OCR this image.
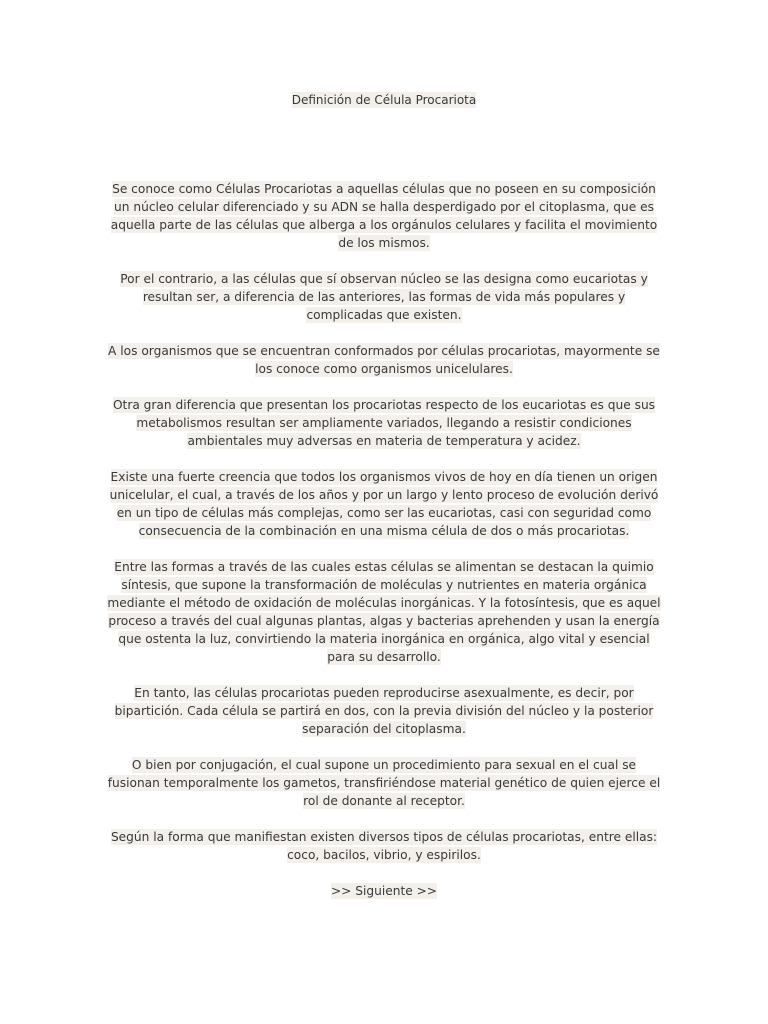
Definición de Célula Procariota

Se conoce como Células Procariotas a aquellas células que no poseen en su composición un núcleo celular diferenciado y su ADN se halla desperdigado por el citoplasma, que es aquella parte de las células que alberga a los orgánulos celulares y facilita el movimiento de los mismos.

Por el contrario, a las células que sí observan núcleo se las designa como eucariotas y resultan ser, a diferencia de las anteriores, las formas de vida más populares y complicadas que existen.

A los organismos que se encuentran conformados por células procariotas, mayormente se los conoce como organismos unicelulares.

Otra gran diferencia que presentan los procariotas respecto de los eucariotas es que sus metabolismos resultan ser ampliamente variados, llegando a resistir condiciones ambientales muy adversas en materia de temperatura y acidez.

Existe una fuerte creencia que todos los organismos vivos de hoy en día tienen un origen unicelular, el cual, a través de los años y por un largo y lento proceso de evolución derivó en un tipo de células más complejas, como ser las eucariotas, casi con seguridad como consecuencia de la combinación en una misma célula de dos o más procariotas.

Entre las formas a través de las cuales estas células se alimentan se destacan la quimio síntesis, que supone la transformación de moléculas y nutrientes en materia orgánica mediante el método de oxidación de moléculas inorgánicas. Y la fotosíntesis, que es aquel proceso a través del cual algunas plantas, algas y bacterias aprehenden y usan la energía que ostenta la luz, convirtiendo la materia inorgánica en orgánica, algo vital y esencial para su desarrollo.

En tanto, las células procariotas pueden reproducirse asexualmente, es decir, por bipartición. Cada célula se partirá en dos, con la previa división del núcleo y la posterior separación del citoplasma.

O bien por conjugación, el cual supone un procedimiento para sexual en el cual se fusionan temporalmente los gametos, transfiriéndose material genético de quien ejerce el rol de donante al receptor.

Según la forma que manifiestan existen diversos tipos de células procariotas, entre ellas: coco, bacilos, vibrio, y espirilos.

>> Siguiente >>
